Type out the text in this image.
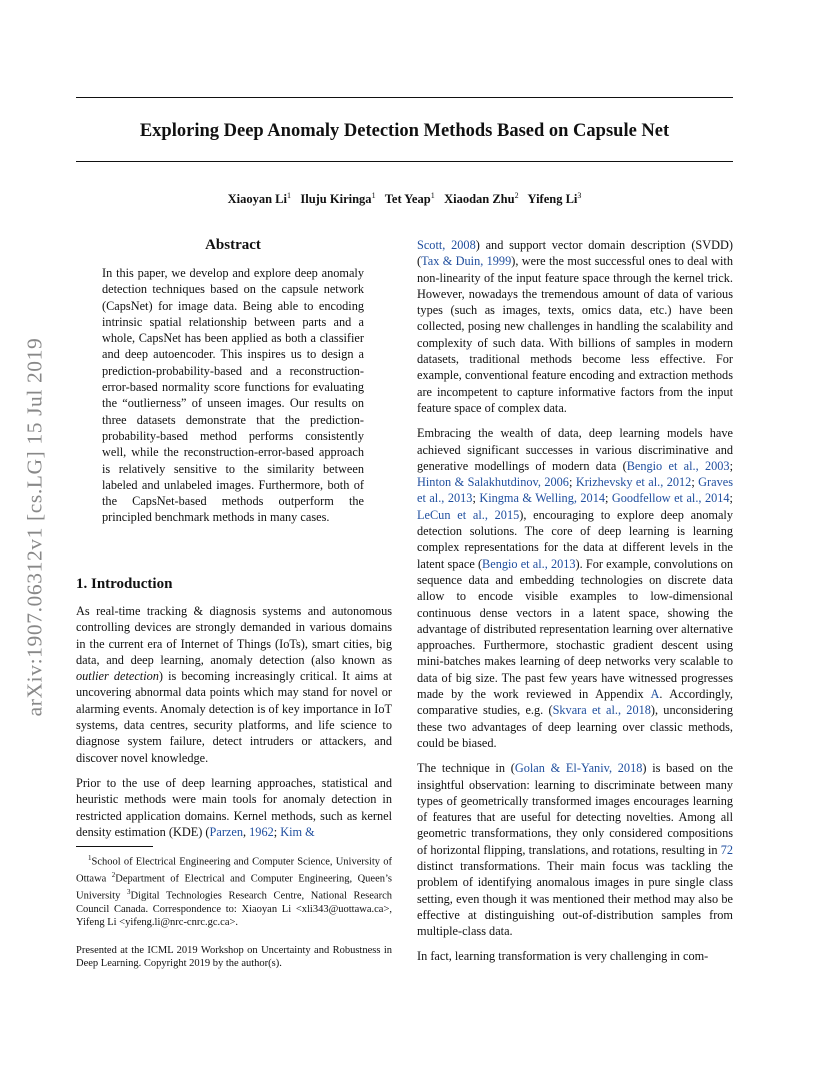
Exploring Deep Anomaly Detection Methods Based on Capsule Net
Xiaoyan Li$^1$ Iluju Kiringa$^1$ Tet Yeap$^1$ Xiaodan Zhu$^2$ Yifeng Li$^3$
arXiv:1907.06312v1 [cs.LG] 15 Jul 2019
Abstract

In this paper, we develop and explore deep anomaly detection techniques based on the capsule network (CapsNet) for image data. Being able to encoding intrinsic spatial relationship between parts and a whole, CapsNet has been applied as both a classifier and deep autoencoder. This inspires us to design a prediction-probability-based and a reconstruction-error-based normality score functions for evaluating the “outlierness” of unseen images. Our results on three datasets demonstrate that the prediction-probability-based method performs consistently well, while the reconstruction-error-based approach is relatively sensitive to the similarity between labeled and unlabeled images. Furthermore, both of the CapsNet-based methods outperform the principled benchmark methods in many cases.

1. Introduction

As real-time tracking & diagnosis systems and autonomous controlling devices are strongly demanded in various domains in the current era of Internet of Things (IoTs), smart cities, big data, and deep learning, anomaly detection (also known as outlier detection) is becoming increasingly critical. It aims at uncovering abnormal data points which may stand for novel or alarming events. Anomaly detection is of key importance in IoT systems, data centres, security platforms, and life science to diagnose system failure, detect intruders or attackers, and discover novel knowledge.

Prior to the use of deep learning approaches, statistical and heuristic methods were main tools for anomaly detection in restricted application domains. Kernel methods, such as kernel density estimation (KDE) (Parzen, 1962; Kim &

$^1$School of Electrical Engineering and Computer Science, University of Ottawa $^2$Department of Electrical and Computer Engineering, Queen’s University $^3$Digital Technologies Research Centre, National Research Council Canada. Correspondence to: Xiaoyan Li <xli343@uottawa.ca>, Yifeng Li <yifeng.li@nrc-cnrc.gc.ca>.
Presented at the ICML 2019 Workshop on Uncertainty and Robustness in Deep Learning. Copyright 2019 by the author(s).

Scott, 2008) and support vector domain description (SVDD) (Tax & Duin, 1999), were the most successful ones to deal with non-linearity of the input feature space through the kernel trick. However, nowadays the tremendous amount of data of various types (such as images, texts, omics data, etc.) have been collected, posing new challenges in handling the scalability and complexity of such data. With billions of samples in modern datasets, traditional methods become less effective. For example, conventional feature encoding and extraction methods are incompetent to capture informative factors from the input feature space of complex data.

Embracing the wealth of data, deep learning models have achieved significant successes in various discriminative and generative modellings of modern data (Bengio et al., 2003; Hinton & Salakhutdinov, 2006; Krizhevsky et al., 2012; Graves et al., 2013; Kingma & Welling, 2014; Goodfellow et al., 2014; LeCun et al., 2015), encouraging to explore deep anomaly detection solutions. The core of deep learning is learning complex representations for the data at different levels in the latent space (Bengio et al., 2013). For example, convolutions on sequence data and embedding technologies on discrete data allow to encode visible examples to low-dimensional continuous dense vectors in a latent space, showing the advantage of distributed representation learning over alternative approaches. Furthermore, stochastic gradient descent using mini-batches makes learning of deep networks very scalable to data of big size. The past few years have witnessed progresses made by the work reviewed in Appendix A. Accordingly, comparative studies, e.g. (Skvara et al., 2018), unconsidering these two advantages of deep learning over classic methods, could be biased.

The technique in (Golan & El-Yaniv, 2018) is based on the insightful observation: learning to discriminate between many types of geometrically transformed images encourages learning of features that are useful for detecting novelties. Among all geometric transformations, they only considered compositions of horizontal flipping, translations, and rotations, resulting in 72 distinct transformations. Their main focus was tackling the problem of identifying anomalous images in pure single class setting, even though it was mentioned their method may also be effective at distinguishing out-of-distribution samples from multiple-class data.

In fact, learning transformation is very challenging in com-
